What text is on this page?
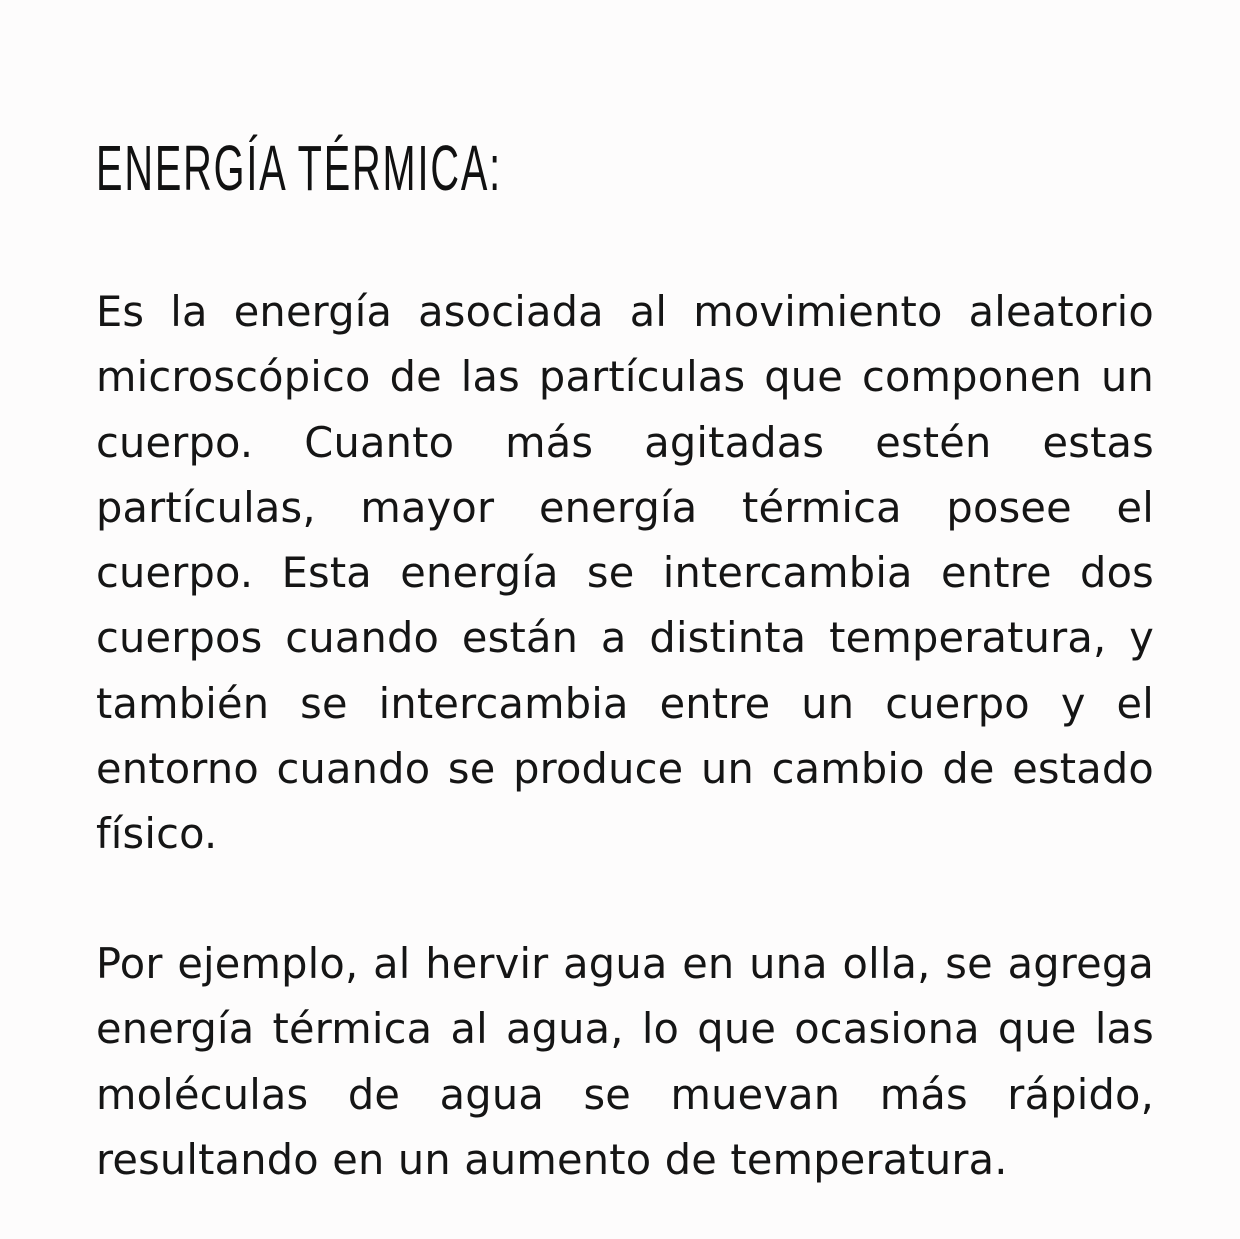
ENERGÍA TÉRMICA:

Es la energía asociada al movimiento aleatorio microscópico de las partículas que componen un cuerpo. Cuanto más agitadas estén estas partículas, mayor energía térmica posee el cuerpo. Esta energía se intercambia entre dos cuerpos cuando están a distinta temperatura, y también se intercambia entre un cuerpo y el entorno cuando se produce un cambio de estado físico.

Por ejemplo, al hervir agua en una olla, se agrega energía térmica al agua, lo que ocasiona que las moléculas de agua se muevan más rápido, resultando en un aumento de temperatura.
